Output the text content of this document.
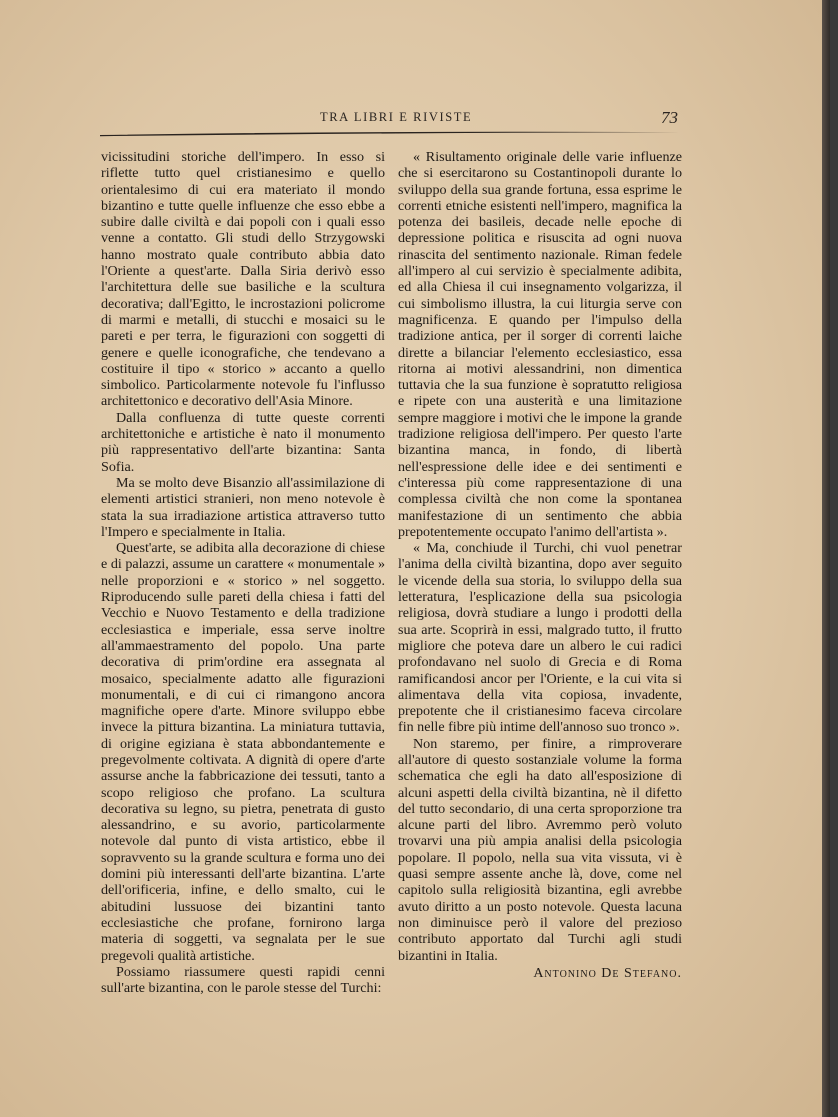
TRA LIBRI E RIVISTE	73

vicissitudini storiche dell'impero. In esso si riflette tutto quel cristianesimo e quello orientalesimo di cui era materiato il mondo bizantino e tutte quelle influenze che esso ebbe a subire dalle civiltà e dai popoli con i quali esso venne a contatto. Gli studi dello Strzygowski hanno mostrato quale contributo abbia dato l'Oriente a quest'arte. Dalla Siria derivò esso l'architettura delle sue basiliche e la scultura decorativa; dall'Egitto, le incrostazioni policrome di marmi e metalli, di stucchi e mosaici su le pareti e per terra, le figurazioni con soggetti di genere e quelle iconografiche, che tendevano a costituire il tipo « storico » accanto a quello simbolico. Particolarmente notevole fu l'influsso architettonico e decorativo dell'Asia Minore.

Dalla confluenza di tutte queste correnti architettoniche e artistiche è nato il monumento più rappresentativo dell'arte bizantina: Santa Sofia.

Ma se molto deve Bisanzio all'assimilazione di elementi artistici stranieri, non meno notevole è stata la sua irradiazione artistica attraverso tutto l'Impero e specialmente in Italia.

Quest'arte, se adibita alla decorazione di chiese e di palazzi, assume un carattere « monumentale » nelle proporzioni e « storico » nel soggetto. Riproducendo sulle pareti della chiesa i fatti del Vecchio e Nuovo Testamento e della tradizione ecclesiastica e imperiale, essa serve inoltre all'ammaestramento del popolo. Una parte decorativa di prim'ordine era assegnata al mosaico, specialmente adatto alle figurazioni monumentali, e di cui ci rimangono ancora magnifiche opere d'arte. Minore sviluppo ebbe invece la pittura bizantina. La miniatura tuttavia, di origine egiziana è stata abbondantemente e pregevolmente coltivata. A dignità di opere d'arte assurse anche la fabbricazione dei tessuti, tanto a scopo religioso che profano. La scultura decorativa su legno, su pietra, penetrata di gusto alessandrino, e su avorio, particolarmente notevole dal punto di vista artistico, ebbe il sopravvento su la grande scultura e forma uno dei domini più interessanti dell'arte bizantina. L'arte dell'orificeria, infine, e dello smalto, cui le abitudini lussuose dei bizantini tanto ecclesiastiche che profane, fornirono larga materia di soggetti, va segnalata per le sue pregevoli qualità artistiche.

Possiamo riassumere questi rapidi cenni sull'arte bizantina, con le parole stesse del Turchi:

« Risultamento originale delle varie influenze che si esercitarono su Costantinopoli durante lo sviluppo della sua grande fortuna, essa esprime le correnti etniche esistenti nell'impero, magnifica la potenza dei basileis, decade nelle epoche di depressione politica e risuscita ad ogni nuova rinascita del sentimento nazionale. Riman fedele all'impero al cui servizio è specialmente adibita, ed alla Chiesa il cui insegnamento volgarizza, il cui simbolismo illustra, la cui liturgia serve con magnificenza. E quando per l'impulso della tradizione antica, per il sorger di correnti laiche dirette a bilanciar l'elemento ecclesiastico, essa ritorna ai motivi alessandrini, non dimentica tuttavia che la sua funzione è sopratutto religiosa e ripete con una austerità e una limitazione sempre maggiore i motivi che le impone la grande tradizione religiosa dell'impero. Per questo l'arte bizantina manca, in fondo, di libertà nell'espressione delle idee e dei sentimenti e c'interessa più come rappresentazione di una complessa civiltà che non come la spontanea manifestazione di un sentimento che abbia prepotentemente occupato l'animo dell'artista ».

« Ma, conchiude il Turchi, chi vuol penetrar l'anima della civiltà bizantina, dopo aver seguito le vicende della sua storia, lo sviluppo della sua letteratura, l'esplicazione della sua psicologia religiosa, dovrà studiare a lungo i prodotti della sua arte. Scoprirà in essi, malgrado tutto, il frutto migliore che poteva dare un albero le cui radici profondavano nel suolo di Grecia e di Roma ramificandosi ancor per l'Oriente, e la cui vita si alimentava della vita copiosa, invadente, prepotente che il cristianesimo faceva circolare fin nelle fibre più intime dell'annoso suo tronco ».

Non staremo, per finire, a rimproverare all'autore di questo sostanziale volume la forma schematica che egli ha dato all'esposizione di alcuni aspetti della civiltà bizantina, nè il difetto del tutto secondario, di una certa sproporzione tra alcune parti del libro. Avremmo però voluto trovarvi una più ampia analisi della psicologia popolare. Il popolo, nella sua vita vissuta, vi è quasi sempre assente anche là, dove, come nel capitolo sulla religiosità bizantina, egli avrebbe avuto diritto a un posto notevole. Questa lacuna non diminuisce però il valore del prezioso contributo apportato dal Turchi agli studi bizantini in Italia.

Antonino De Stefano.
